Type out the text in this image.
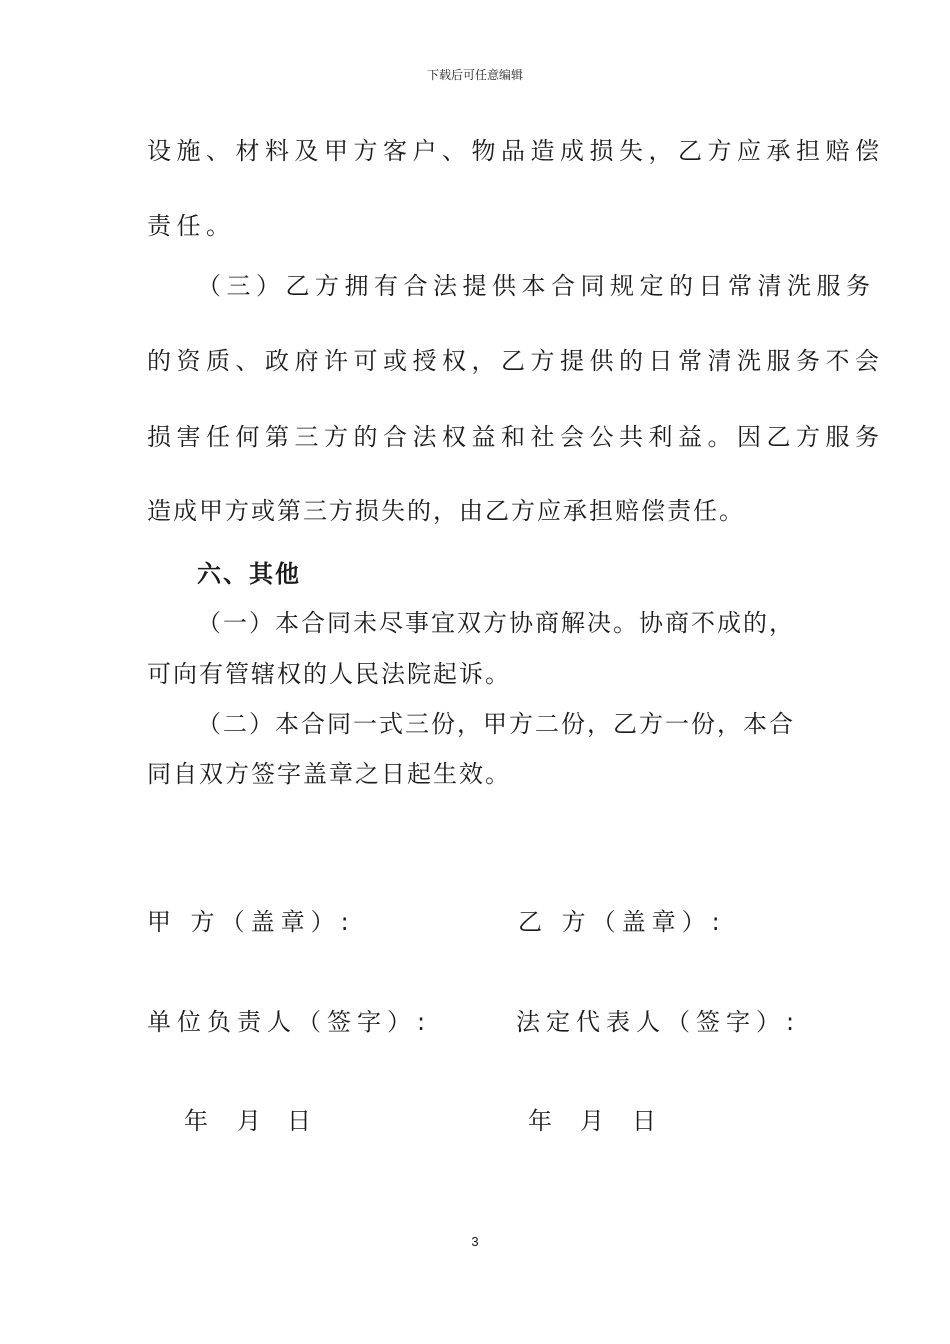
下载后可任意编辑
设施、材料及甲方客户、物品造成损失，乙方应承担赔偿
责任。
（三）乙方拥有合法提供本合同规定的日常清洗服务
的资质、政府许可或授权，乙方提供的日常清洗服务不会
损害任何第三方的合法权益和社会公共利益。因乙方服务
造成甲方或第三方损失的，由乙方应承担赔偿责任。
六、其他
（一）本合同未尽事宜双方协商解决。协商不成的，
可向有管辖权的人民法院起诉。
（二）本合同一式三份，甲方二份，乙方一份，本合
同自双方签字盖章之日起生效。
甲 方（盖章）:	乙 方（盖章）:
单位负责人（签字）:	法定代表人（签字）:
年 月 日	年 月 日
3
